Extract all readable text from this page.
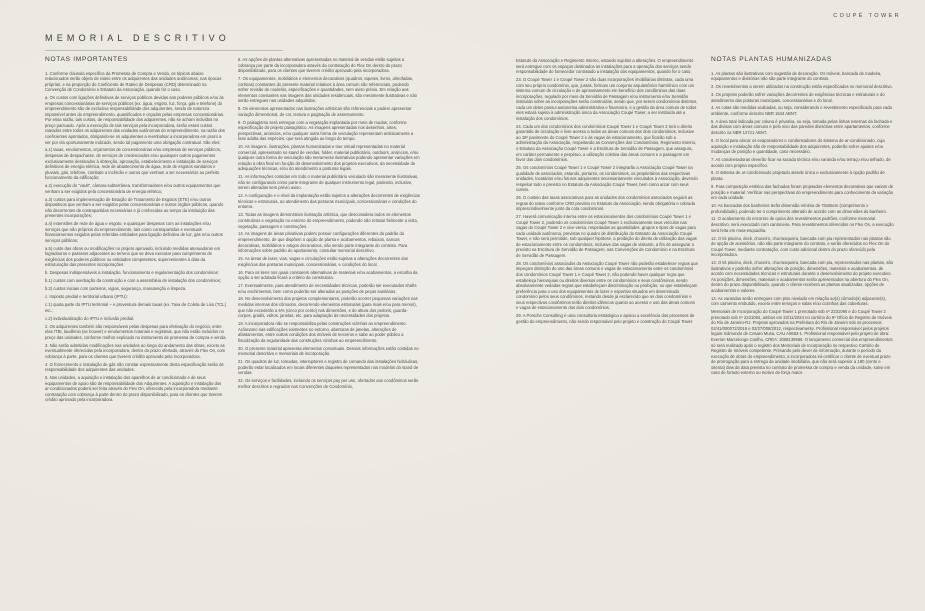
COUPÉ TOWER
MEMORIAL DESCRITIVO
NOTAS IMPORTANTES

1. Conforme cláusula específica da Promessa de Compra e Venda, os tópicos abaixo relacionados serão objeto de rateio entre os adquirentes das unidades autônomas, nas épocas próprias, e na proporção do Coeficiente de Rateio de Despesas (CRD) determinado na Convenção de Condomínio e Estatuto da Associação, quando for o caso.

a. Os custos com ligações definitivas de serviços públicos devidas aos poderes públicos e/ou às empresas concessionárias de serviços públicos (ex. água, esgoto, luz, força, gás e telefone) do empreendimento são de exclusiva responsabilidade dos adquirentes, sendo de natureza impossível antes do empreendimento, quantificados e orçados pelas empresas concessionárias. Por essa razão, tais custos, de responsabilidade dos adquirentes, não se acham incluídos no preço pactuado. Após a execução de tais serviços pela incorporadora, serão esses custos rateados entre todos os adquirentes das unidades autônomas do empreendimento, na razão dos coeficientes apontados, obrigando-se os adquirentes a reembolsar a incorporadora em prazo a ser por ela oportunamente indicado, sendo tal pagamento uma obrigação contratual. São eles:

a.1) taxas, emolumentos, orçamentos de concessionárias e/ou empresas de serviços públicos, despesas de despachante, de serviços de credenciados e/ou quaisquer outros pagamentos exclusivamente destinados à obtenção, aprovação, estabelecimento e instalação de serviços definitivos de energia elétrica, rede de abastecimento de água, rede de esgotos sanitários e pluviais, gás, telefone, combate a incêndio e outros que venham a ser necessários ao perfeito funcionamento da edificação;

a.2) execução do "vault", câmara subterrânea, transformadores e/ou outros equipamentos que venham a ser exigidos pela concessionária de energia elétrica;

a.3) custos para implementação de Estação de Tratamento de Esgotos (ETE) e/ou outros dispositivos que venham a ser exigidos pelas concessionárias e outros órgãos públicos, quando não decorrentes de contrapartidas necessárias e já conhecidas ao tempo da instituição das presentes incorporações;

a.4) extensões de rede de água e esgoto, e quaisquer despesas com as instalações e/ou serviços que não próprios do empreendimento, tais como contrapartidas e eventuais financiamentos exigidos pelas referidas entidades para ligação definitiva de luz, gás e/ou outros serviços públicos;

a.5) custo das obras ou modificações no projeto aprovado, incluindo medidas atenuadoras em logradouros e passeios adjacentes ao terreno que se deva executar para cumprimento de exigências dos poderes públicos ou entidades competentes, supervenientes à data da estruturação das presentes incorporações.

b. Despesas indispensáveis à instalação, funcionamento e regulamentação dos condomínios:

b.1) custos com averbação da construção e com a assembleia de instalação dos condomínios;

b.2) custos iniciais com porteiros, vigias, segurança, manutenção e limpeza.

c. Imposto predial e territorial urbano (IPTU):

c.1) quota parte do IPTU territorial – e proventura demais taxas (ex. Taxa de Coleta de Lixo (TCL) etc.;

c.2) individualização do IPTU e inclusão predial.

2. Os adquirentes também são responsáveis pelas despesas para efetivação do negócio, entre elas ITBI, laudêmio (se houver) e emolumentos notariais e registrais, que não estão incluídos no preço das unidades, conforme melhor explicado no instrumento de promessa de compra e venda.

3. Não serão admitidas modificações nas unidades ao longo do andamento das obras, exceto as eventualmente oferecidas pela incorporadora, dentro do prazo ofertado, através do Flex On, com cobrança à parte, para os clientes que tiverem crédito aprovado pela incorporadora.

4. O fornecimento e instalação de gás não constar expressamente desta especificação serão de responsabilidade dos adquirentes das unidades.

5. Nas unidades, a aquisição e instalação dos aparelhos de ar condicionado e de seus equipamentos de apoio são de responsabilidade dos Adquirentes. A aquisição e instalação dos ar-condicionados poderá ser feita através do Flex On, oferecido pela incorporadora mediante contratação com cobrança à parte dentro do prazo disponibilizado, para os clientes que tiverem crédito aprovado pela incorporadora.

6. As opções de plantas alternativas apresentadas no material de vendas estão sujeitas a cobrança por parte da incorporadora através da contratação do Flex On dentro do prazo disponibilizado, para os clientes que tiverem crédito aprovado pela incorporadora.

7. Os equipamentos, mobiliários e elementos decorativos (quadros, tapetes, livros, almofadas, cortinas) constantes do presente material relativos à área comum são referenciais, podendo sofrer revisão de modelos, especificações e quantidades, sem aviso prévio. Em relação aos elementos constantes nas imagens das unidades residenciais, são meramente ilustrativas e não serão entregues nas unidades adquiridas.

8. Os elementos apresentados nas ilustrações artísticas são referenciais e podem apresentar variação dimensional, de cor, textura e paginação de assentamento.

9. O paisagismo será entregue com a vegetação implantada por meio de mudas, conforme especificação do projeto paisagístico. As imagens apresentadas nos desenhos, artes, perspectivas, anúncios, e/ou qualquer outra forma de veiculação representam artisticamente a fase adulta das espécies, que será atingida ao longo do tempo.

10. As imagens, ilustrações, plantas humanizadas e tour virtual representadas no material comercial, apresentado no stand de vendas, folder, material publicitário, outdoors, anúncios, e/ou qualquer outra forma de veiculação são meramente ilustrativas podendo apresentar variações em relação à obra final em função do desenvolvimento dos projetos executivos, da necessidade de adequações técnicas, e/ou do atendimento a posturas legais.

11. As informações contidas em todo o material publicitário veiculado são meramente ilustrativas, não se configurando como parte integrante de qualquer instrumento legal, podendo, inclusive, serem alteradas sem prévio aviso.

12. A configuração e o nível da implantação estão sujeitos a alterações decorrentes de exigências técnicas e estruturais, ao atendimento das posturas municipais, concessionárias e condições do entorno.

13. Todas as imagens demonstram ilustração artística, que desconsidera todos os elementos construtivos e vegetação no entorno do empreendimento, podendo não retratar fielmente a vista, vegetação, passagem e construções.

14. As imagens de áreas privativas podem possuir configurações diferentes do padrão do empreendimento, de que dispõem o opção de planta e acabamentos, rebaixos, sancas decorativas, mobiliários e artigos decorativos, não sendo parte integrante do contrato. Para informações sobre padrão do apartamento, consultar memorial descritivo.

15. As áreas de lazer, vias, vagas e circulações estão sujeitas a alterações decorrentes das exigências das posturas municipais, concessionárias, e condições do local.

16. Para os itens nos quais constarem alternativas de materiais e/ou acabamentos, a escolha da opção a ser adotada ficará a critério da construtora.

17. Eventualmente, para atendimento de necessidades técnicas, poderão ser executados shafts e/ou enchimentos, bem como poderão ser alteradas as posições de peças sanitárias.

18. No desenvolvimento dos projetos complementares, poderão ocorrer pequenas variações nas medidas internas dos cômodos, decorrendo elementos estruturais (para mais e/ou para menos), que não excederão a 5% (cinco por cento) nas dimensões, e de altura dos peitoris, guarda-corpos, gradis, vidros, janelas, etc. para adaptação às necessidades dos projetos.

19. A incorporadora não se responsabiliza pelas construções vizinhas ao empreendimento. Aclionamo nas edificações existentes no entorno, aberturas de janelas, alterações de afastamentos, entre outras condições dos imóveis de terceiros e sabe ao poder público a fiscalização da regularidade das construções vizinhas ao empreendimento.

20. O presente material apresenta elementos conceituais. Demais informações estão contidas no memorial descritivo e memoriais de incorporação.

21. Os quadros de luz, tomadas, interruptores e registro de comando das instalações hidráulicas, poderão estar localizados em locais diferentes daqueles representados nos modelos do stand de vendas.

22. Os serviços e facilidades, incluindo os serviços pay per use, ofertados aos condôminos serão melhor descritos e regrados nas Convenções de Condomínio,

Estatuto da Associação e Regimento Interno, estando sujeitos a alterações. O empreendimento será entregue com os espaços destinados às instalações para a operação dos serviços sendo responsabilidade do fornecedor contratado a instalação dos equipamentos, quando for o caso.

23. O Coupé Tower 1 e Coupé Tower 2 são duas incorporações imobiliárias distintas, cada uma com seu próprio condomínio, que, juntas, formam um conjunto arquitetônico harmônico com um sistema comum de circulação e de aproveitamento em benefício dos condôminos das duas incorporações, regulado por meio da Servidão de Passagem e/ou instrumento e/ou Servidão instituída sobre as incorporações serão construídas, sendo que, por serem condomínios distintos, cada um deles possui autonomia administrativa e financeira, e a gestão da área comum de todos eles estará sujeita à administração única da Associação Coupé Tower, a ser instituída até a instalação dos condomínios.

24. Cada um dos condomínios dos condomínios Coupé Tower 1 e Coupé Tower 2 terá o direito garantido de circulação e livre acesso a todas as áreas comuns dos dois condomínios, inclusive ao 18º pavimento do Coupé Tower 2 e às vagas de estacionamento, que ficarão sob a administração da Associação, respeitando as Convenções dos Condomínios, Regimento Interno, o Estatuto da Associação Coupé Tower e a Escritura de Servidão de Passagem, que assegura, em caráter permanente e perpétuo, a utilização coletiva das áreas comuns e a passagem em favor dos dois condomínios.

25. Os condomínios Coupé Tower 1 e Coupé Tower 2 integrarão a Associação Coupé Tower na qualidade de associados, estando, portanto, os condomínios, os proprietários das respectivas unidades, locatários e/ou futuros adquirentes necessariamente vinculados à Associação, devendo respeitar todo o previsto no Estatuto da Associação Coupé Tower, bem como arcar com seus custos.

26. O custeio das taxas associativas para as unidades dos condomínios associados seguirá as regras do rateio conforme CRD previsto no Estatuto da Associação, sendo obrigatória e cobrada imprescindivelmente junto da cota condominial.

27. Haverá comunicação interna entre os estacionamentos dos condomínios Coupé Tower 1 e Coupé Tower 2, podendo os condomínios Coupé Tower 1 exclusivamente seus veículos nas vagas do Coupé Tower 2 e vice-versa, respeitadas as quantidades, grupos e tipos de vagas para cada unidade autônoma, previstas no quadro de distribuição do Estatuto da Associação Coupé Tower, e não será permitido, sob qualquer hipótese, a proibição do direito de utilização das vagas de estacionamento entre os condomínios, inclusive das vagas de visitante, a fim de assegurar o previsto na Escritura de Servidão de Passagem, nas Convenções de Condomínio e na Escritura de Servidão de Passagem.

28. Os condomínios associados da Associação Coupé Tower não poderão estabelecer regras que impeçam distinção do uso das áreas comuns e vagas de estacionamento entre os condomínios dos condomínios Coupé Tower 1 e Coupé Tower 2, não podendo haver qualquer regra que estabeleça hierarquias ou direitos diversos entre os condomínios e seus condôminos, sendo absolutamente vedadas regras que estabeleçam discriminação ou proibição, ou que estabeleçam preferência para o uso dos equipamentos de lazer e esportivo situados em determinado condomínio pelos seus condôminos, restando desde já esclarecido que os dois condomínios e seus respectivos condôminos terão direitos idênticos quanto ao acesso e uso das áreas comuns e vagas de estacionamento dos dois condomínios.

29. A Porsche Consulting é uma consultoria estratégica e apoiou a excelência dos processos de gestão do empreendimento, não sendo responsável pelo projeto e construção do Coupé Tower.

NOTAS PLANTAS HUMANIZADAS

1. As plantas são ilustrativas com sugestão de decoração. Os móveis, bancada de madeira, equipamentos e divisórias não são parte integrante do contrato.

2. Os revestimentos a serem utilizados na construção estão especificados no memorial descritivo.

3. Os projetos poderão sofrer variações decorrentes de exigências técnicas e estruturais e do atendimento das posturas municipais, concessionárias e do local.

4. As cotas são medidas acabadas, ou seja, considerando o revestimento especificado para cada ambiente, conforme descrito NBR 1544 ABNT.

5. A área total indicada por coluna é privativa, ou seja, tomada pelas linhas externas da fachada e das divisas com áreas comuns e pelo eixo das paredes divisórias entre apartamentos, conforme descrito na NBR 12721 ABNT.

6. O local para alocar os evaporadores e condensadores do sistema de ar-condicionado, cuja aquisição e instalação são de responsabilidade dos adquirentes, poderão sofrer ajustes e/ou mudanças de posição e quantidade, caso necessário.

7. As condensadoras deverão ficar na sacada técnica e/ou varanda e/ou terraço e/ou telhado, de acordo com projeto específico.

8. O sistema de ar-condicionado projetado atende única e exclusivamente à opção padrão de planta.

9. Para composição estética das fachadas foram projetados elementos decorativos que variam de posição e material. Verificar nas perspectivas do empreendimento para conhecimento da variação em cada unidade.

10. As bancadas dos banheiros terão dimensão mínima de 70x55cm (comprimento x profundidade), podendo ter o comprimento alterado de acordo com as dimensões do banheiro.

11. O acabamento do encontro de quina dos revestimentos padrões, conforme memorial descritivo, será executado com cantoneira. Para revestimentos oferecidos no Flex On, a execução será feita em meia-esquadria.

12. O kit piscina, deck, chuveiro, churrasqueira, bancada com pia representados nas plantas são de opção de acessórios, não são parte integrante do contrato, e serão oferecidos no Flex On do Coupé Tower, mediante contratação, com custo adicional dentro do prazo oferecido pela incorporadora.

13. O kit piscina, deck, chuveiro, churrasqueira, bancada com pia, representados nas plantas, são ilustrativos e poderão sofrer alterações de posição, dimensões, materiais e acabamentos, de acordo com necessidades técnicas e estruturais durante o desenvolvimento do projeto executivo. As posições, dimensões, materiais e acabamentos serão apresentados na abertura do Flex On, dentro do prazo disponibilizado, quando o cliente receberá as plantas atualizadas, opções de acabamentos e valores.

14. As varandas serão entregues com piso nivelado em relação ao(s) cômodo(s) adjacente(s), com caimento embutido, exceto entre terraços e salas e/ou cozinhas das coberturas.

Memoriais de Incorporação do Coupé Tower 1 prenotado sob nº 2231090 e do Coupé Tower 2 prenotado sob nº 2231094, ambos em 22/11/2024 no cartório do 9º Ofício de Registro de Imóveis do Rio de Janeiro-RJ. Projetos aprovados na Prefeitura do Rio de Janeiro sob os processos 02/41/000072/2016 e 02/27/008/2012, respectivamente. Profissional responsável pelos projetos legais: Edmundo de Cesaro Musa, CAU A0683-1. Profissional responsável pelo projeto de obra: Everton Marcelongo Coelho, CREA: 2008139566. O lançamento comercial dos empreendimentos só será realizado após o registro dos Memoriais de Incorporação no respectivo Cartório de Registro de Imóveis competente. Primando pelo dever de informação, durante o período da execução de obras do empreendimento, a incorporadora irá certificar o cliente de eventual prazo de prorrogação para a entrega da unidade imobiliária, que não será superior a 180 (cento e oitenta) dias da data prevista no contrato de promessa de compra e venda da unidade, salvo em caso de fortuito externo ou motivo de força maior.
